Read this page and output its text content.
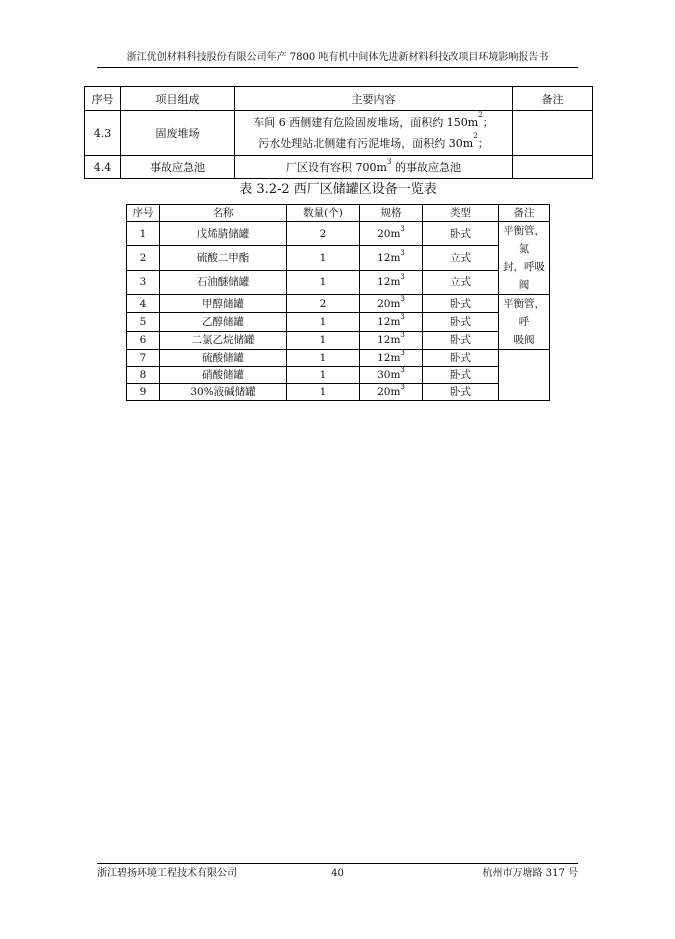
浙江优创材料科技股份有限公司年产 7800 吨有机中间体先进新材料科技改项目环境影响报告书
序号	项目组成	主要内容	备注
4.3	固废堆场	车间 6 西侧建有危险固废堆场，面积约 $150m^2$；
污水处理站北侧建有污泥堆场，面积约 $30m^2$；	

4.4	事故应急池	厂区设有容积 $700m^3$ 的事故应急池	
表 3.2-2 西厂区储罐区设备一览表
序号	名称	数量(个)	规格	类型	备注
1	戊烯腈储罐	2	$20m^3$	卧式	平衡管，氮
封，呼吸阀

2	硫酸二甲酯	1	$12m^3$	立式	
3	石油醚储罐	1	$12m^3$	立式	
4	甲醇储罐	2	$20m^3$	卧式	平衡管，呼
吸阀

5	乙醇储罐	1	$12m^3$	卧式	
6	二氯乙烷储罐	1	$12m^3$	卧式	
7	硫酸储罐	1	$12m^3$	卧式	
8	硝酸储罐	1	$30m^3$	卧式	
9	30%液碱储罐	1	$20m^3$	卧式	
浙江碧扬环境工程技术有限公司	40	杭州市万塘路 317 号
